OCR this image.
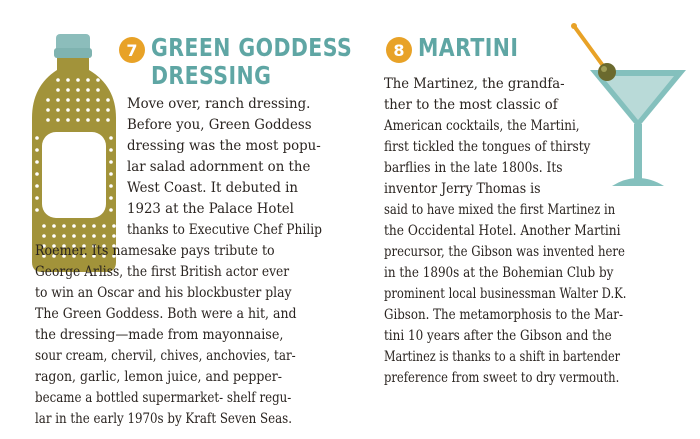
7 GREEN GODDESS
DRESSING
Move over, ranch dressing.
Before you, Green Goddess
dressing was the most popu-
lar salad adornment on the
West Coast. It debuted in
1923 at the Palace Hotel
thanks to Executive Chef Philip
Roemer. Its namesake pays tribute to
George Arliss, the first British actor ever
to win an Oscar and his blockbuster play
The Green Goddess. Both were a hit, and
the dressing—made from mayonnaise,
sour cream, chervil, chives, anchovies, tar-
ragon, garlic, lemon juice, and pepper-
became a bottled supermarket- shelf regu-
lar in the early 1970s by Kraft Seven Seas.
8 MARTINI
The Martinez, the grandfa-
ther to the most classic of
American cocktails, the Martini,
first tickled the tongues of thirsty
barflies in the late 1800s. Its
inventor Jerry Thomas is
said to have mixed the first Martinez in
the Occidental Hotel. Another Martini
precursor, the Gibson was invented here
in the 1890s at the Bohemian Club by
prominent local businessman Walter D.K.
Gibson. The metamorphosis to the Mar-
tini 10 years after the Gibson and the
Martinez is thanks to a shift in bartender
preference from sweet to dry vermouth.
